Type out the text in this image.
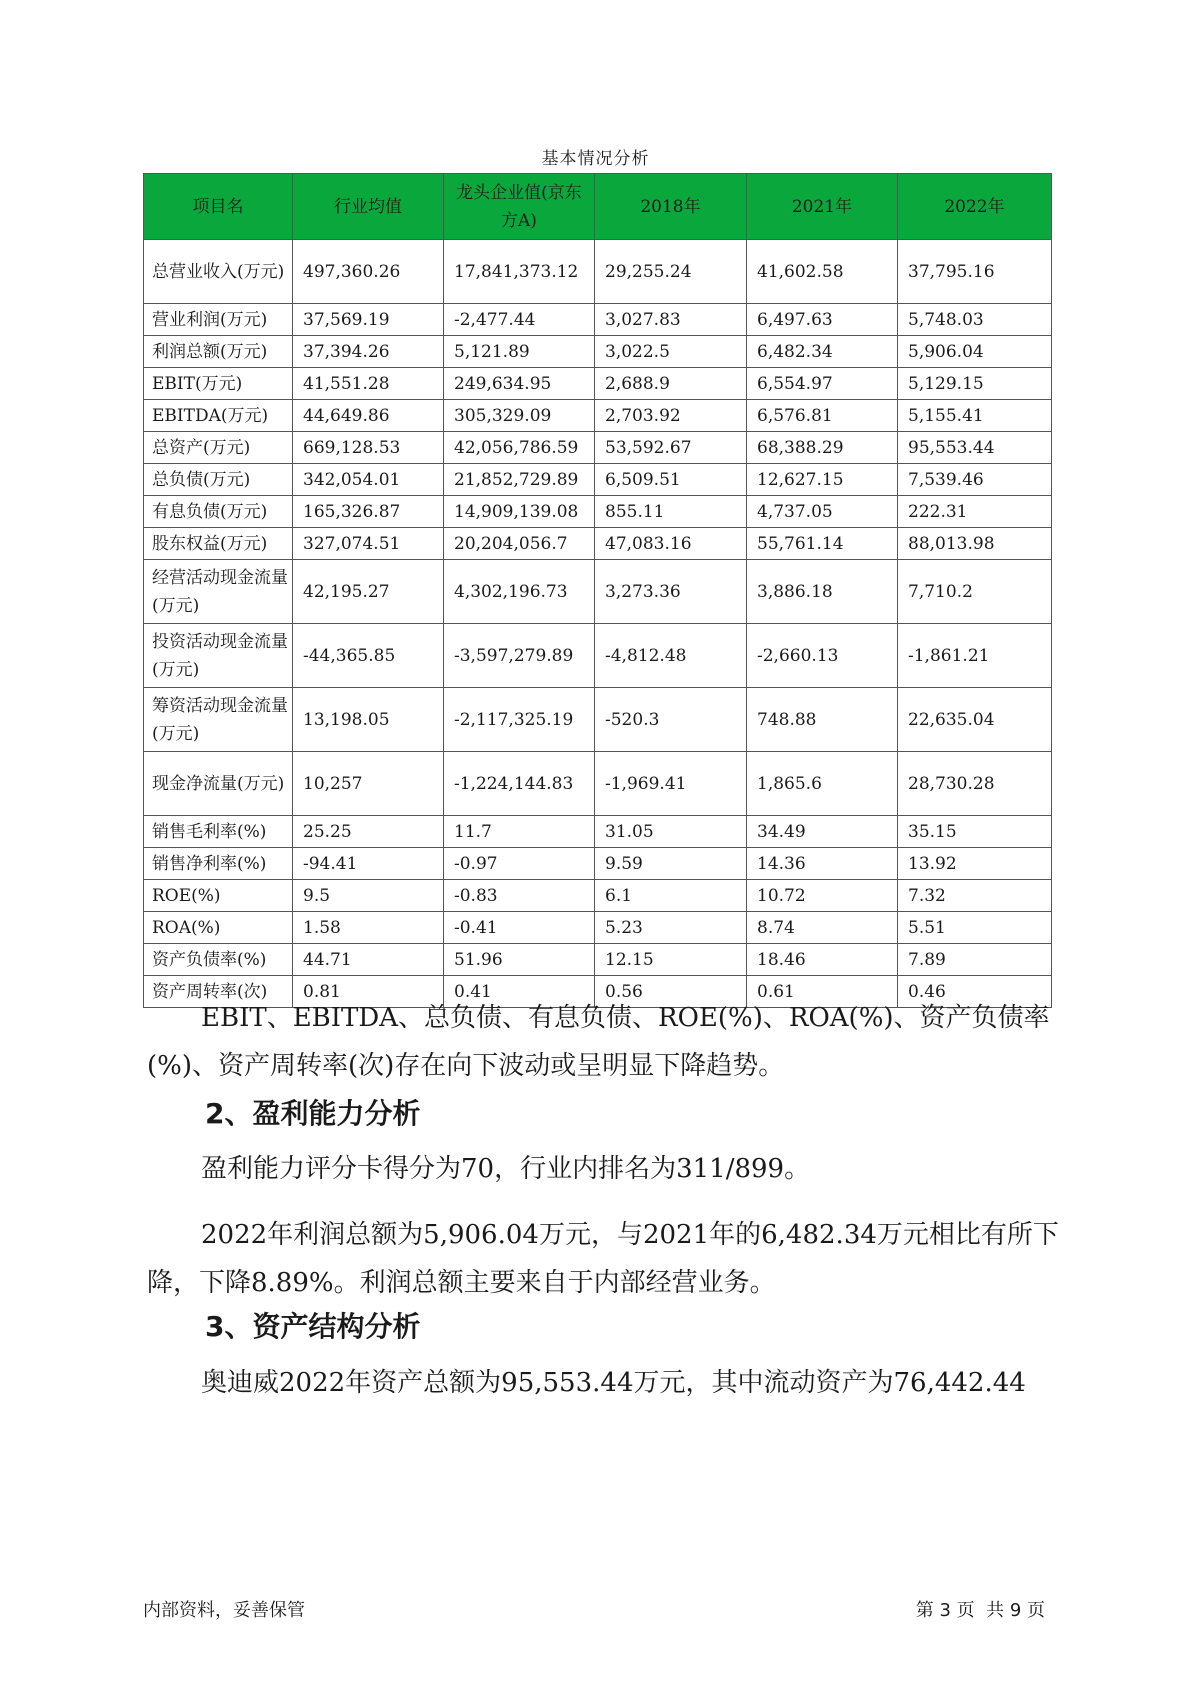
基本情况分析
项目名	行业均值	龙头企业值(京东方A)	2018年	2021年	2022年
总营业收入(万元)	497,360.26	17,841,373.12	29,255.24	41,602.58	37,795.16
营业利润(万元)	37,569.19	-2,477.44	3,027.83	6,497.63	5,748.03
利润总额(万元)	37,394.26	5,121.89	3,022.5	6,482.34	5,906.04
EBIT(万元)	41,551.28	249,634.95	2,688.9	6,554.97	5,129.15
EBITDA(万元)	44,649.86	305,329.09	2,703.92	6,576.81	5,155.41
总资产(万元)	669,128.53	42,056,786.59	53,592.67	68,388.29	95,553.44
总负债(万元)	342,054.01	21,852,729.89	6,509.51	12,627.15	7,539.46
有息负债(万元)	165,326.87	14,909,139.08	855.11	4,737.05	222.31
股东权益(万元)	327,074.51	20,204,056.7	47,083.16	55,761.14	88,013.98
经营活动现金流量(万元)	42,195.27	4,302,196.73	3,273.36	3,886.18	7,710.2
投资活动现金流量(万元)	-44,365.85	-3,597,279.89	-4,812.48	-2,660.13	-1,861.21
筹资活动现金流量(万元)	13,198.05	-2,117,325.19	-520.3	748.88	22,635.04
现金净流量(万元)	10,257	-1,224,144.83	-1,969.41	1,865.6	28,730.28
销售毛利率(%)	25.25	11.7	31.05	34.49	35.15
销售净利率(%)	-94.41	-0.97	9.59	14.36	13.92
ROE(%)	9.5	-0.83	6.1	10.72	7.32
ROA(%)	1.58	-0.41	5.23	8.74	5.51
资产负债率(%)	44.71	51.96	12.15	18.46	7.89
资产周转率(次)	0.81	0.41	0.56	0.61	0.46

EBIT、EBITDA、总负债、有息负债、ROE(%)、ROA(%)、资产负债率(%)、资产周转率(次)存在向下波动或呈明显下降趋势。

2、盈利能力分析

盈利能力评分卡得分为70，行业内排名为311/899。

2022年利润总额为5,906.04万元，与2021年的6,482.34万元相比有所下降，下降8.89%。利润总额主要来自于内部经营业务。

3、资产结构分析

奥迪威2022年资产总额为95,553.44万元，其中流动资产为76,442.44

内部资料，妥善保管	第 3 页  共 9 页
